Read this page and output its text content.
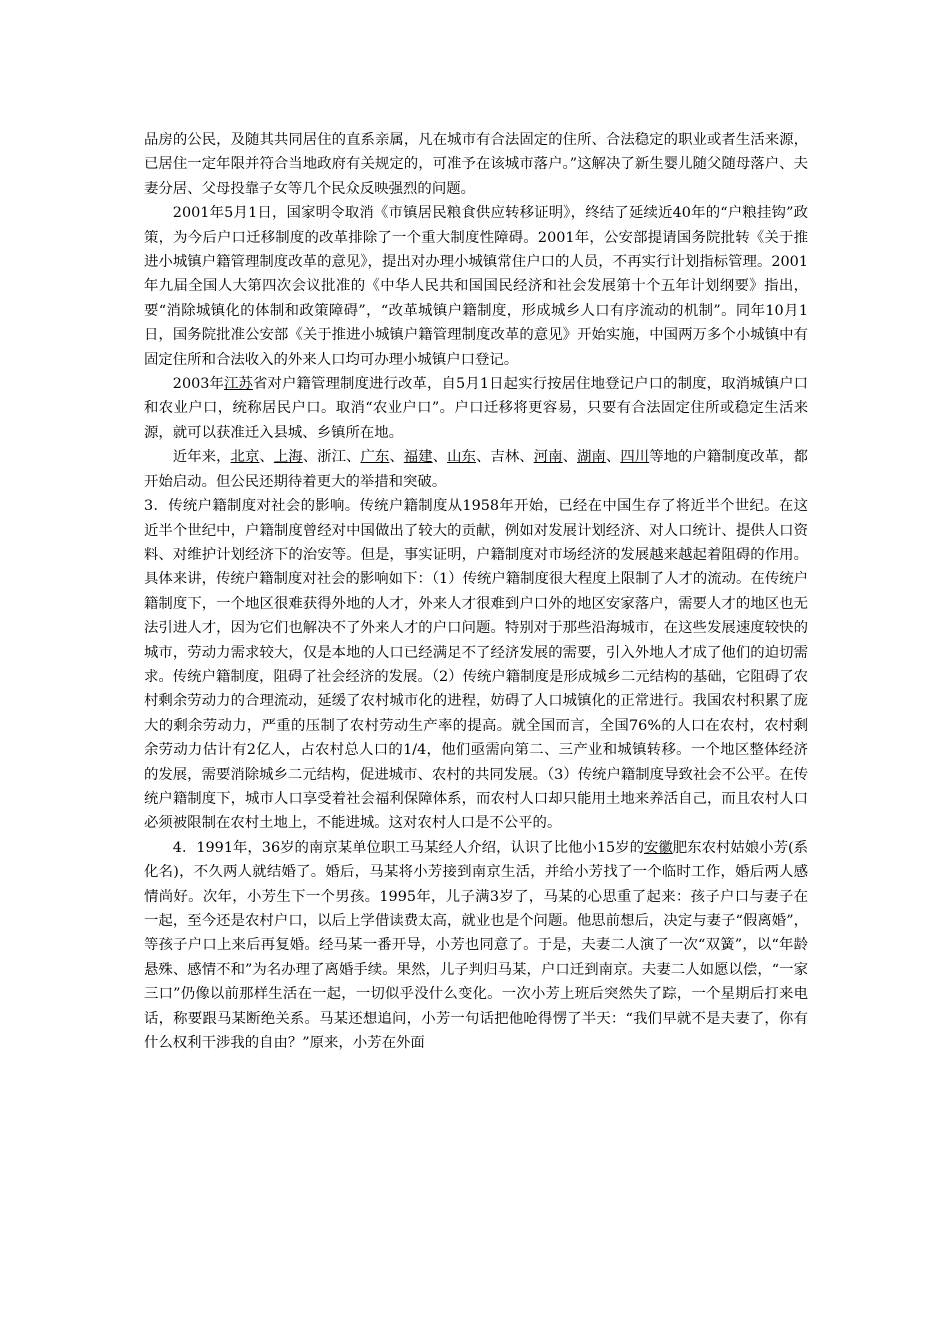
品房的公民，及随其共同居住的直系亲属，凡在城市有合法固定的住所、合法稳定的职业或者生活来源，已居住一定年限并符合当地政府有关规定的，可准予在该城市落户。”这解决了新生婴儿随父随母落户、夫妻分居、父母投靠子女等几个民众反映强烈的问题。

2001年5月1日，国家明令取消《市镇居民粮食供应转移证明》，终结了延续近40年的“户粮挂钩”政策，为今后户口迁移制度的改革排除了一个重大制度性障碍。2001年，公安部提请国务院批转《关于推进小城镇户籍管理制度改革的意见》，提出对办理小城镇常住户口的人员，不再实行计划指标管理。2001年九届全国人大第四次会议批准的《中华人民共和国国民经济和社会发展第十个五年计划纲要》指出，要“消除城镇化的体制和政策障碍”，“改革城镇户籍制度，形成城乡人口有序流动的机制”。同年10月1日，国务院批准公安部《关于推进小城镇户籍管理制度改革的意见》开始实施，中国两万多个小城镇中有固定住所和合法收入的外来人口均可办理小城镇户口登记。

2003年江苏省对户籍管理制度进行改革，自5月1日起实行按居住地登记户口的制度，取消城镇户口和农业户口，统称居民户口。取消“农业户口”。户口迁移将更容易，只要有合法固定住所或稳定生活来源，就可以获准迁入县城、乡镇所在地。

近年来，北京、上海、浙江、广东、福建、山东、吉林、河南、湖南、四川等地的户籍制度改革，都开始启动。但公民还期待着更大的举措和突破。

3．传统户籍制度对社会的影响。传统户籍制度从1958年开始，已经在中国生存了将近半个世纪。在这近半个世纪中，户籍制度曾经对中国做出了较大的贡献，例如对发展计划经济、对人口统计、提供人口资料、对维护计划经济下的治安等。但是，事实证明，户籍制度对市场经济的发展越来越起着阻碍的作用。具体来讲，传统户籍制度对社会的影响如下：（1）传统户籍制度很大程度上限制了人才的流动。在传统户籍制度下，一个地区很难获得外地的人才，外来人才很难到户口外的地区安家落户，需要人才的地区也无法引进人才，因为它们也解决不了外来人才的户口问题。特别对于那些沿海城市，在这些发展速度较快的城市，劳动力需求较大，仅是本地的人口已经满足不了经济发展的需要，引入外地人才成了他们的迫切需求。传统户籍制度，阻碍了社会经济的发展。（2）传统户籍制度是形成城乡二元结构的基础，它阻碍了农村剩余劳动力的合理流动，延缓了农村城市化的进程，妨碍了人口城镇化的正常进行。我国农村积累了庞大的剩余劳动力，严重的压制了农村劳动生产率的提高。就全国而言，全国76%的人口在农村，农村剩余劳动力估计有2亿人，占农村总人口的1/4，他们亟需向第二、三产业和城镇转移。一个地区整体经济的发展，需要消除城乡二元结构，促进城市、农村的共同发展。（3）传统户籍制度导致社会不公平。在传统户籍制度下，城市人口享受着社会福利保障体系，而农村人口却只能用土地来养活自己，而且农村人口必须被限制在农村土地上，不能进城。这对农村人口是不公平的。

4．1991年，36岁的南京某单位职工马某经人介绍，认识了比他小15岁的安徽肥东农村姑娘小芳(系化名)，不久两人就结婚了。婚后，马某将小芳接到南京生活，并给小芳找了一个临时工作，婚后两人感情尚好。次年，小芳生下一个男孩。1995年，儿子满3岁了，马某的心思重了起来：孩子户口与妻子在一起，至今还是农村户口，以后上学借读费太高，就业也是个问题。他思前想后，决定与妻子“假离婚”，等孩子户口上来后再复婚。经马某一番开导，小芳也同意了。于是，夫妻二人演了一次“双簧”，以“年龄悬殊、感情不和”为名办理了离婚手续。果然，儿子判归马某，户口迁到南京。夫妻二人如愿以偿，“一家三口”仍像以前那样生活在一起，一切似乎没什么变化。一次小芳上班后突然失了踪，一个星期后打来电话，称要跟马某断绝关系。马某还想追问，小芳一句话把他呛得愣了半天：“我们早就不是夫妻了，你有什么权利干涉我的自由？”原来，小芳在外面
